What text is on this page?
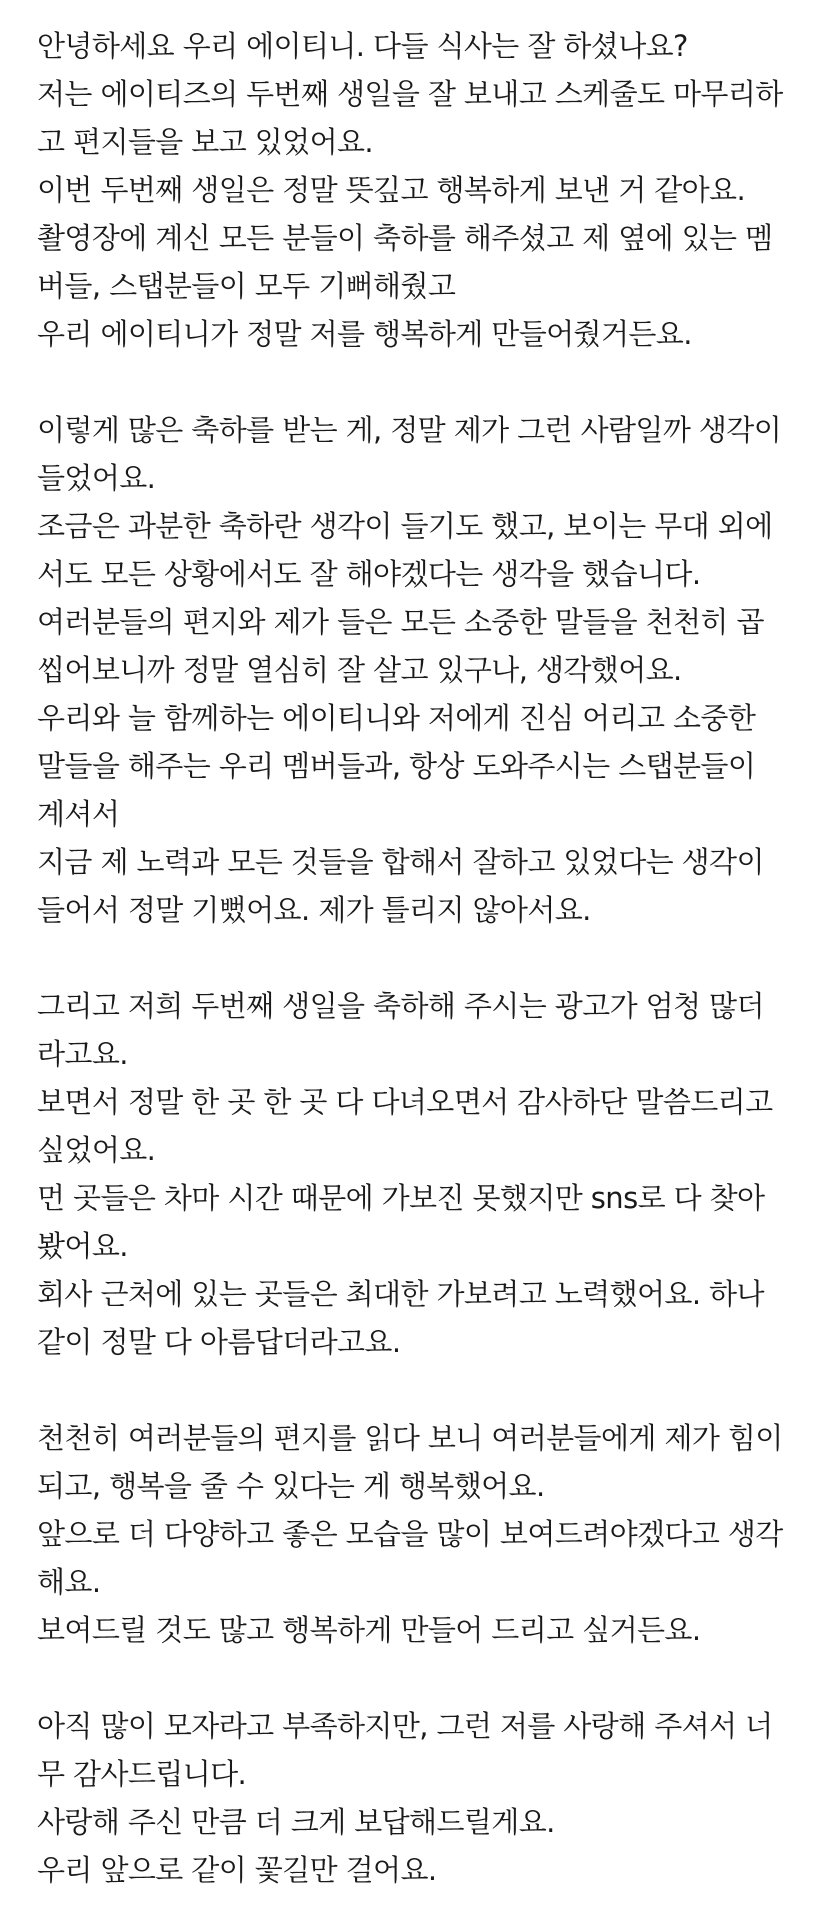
안녕하세요 우리 에이티니. 다들 식사는 잘 하셨나요?
저는 에이티즈의 두번째 생일을 잘 보내고 스케줄도 마무리하
고 편지들을 보고 있었어요.
이번 두번째 생일은 정말 뜻깊고 행복하게 보낸 거 같아요.
촬영장에 계신 모든 분들이 축하를 해주셨고 제 옆에 있는 멤
버들, 스탭분들이 모두 기뻐해줬고
우리 에이티니가 정말 저를 행복하게 만들어줬거든요.
이렇게 많은 축하를 받는 게, 정말 제가 그런 사람일까 생각이
들었어요.
조금은 과분한 축하란 생각이 들기도 했고, 보이는 무대 외에
서도 모든 상황에서도 잘 해야겠다는 생각을 했습니다.
여러분들의 편지와 제가 들은 모든 소중한 말들을 천천히 곱
씹어보니까 정말 열심히 잘 살고 있구나, 생각했어요.
우리와 늘 함께하는 에이티니와 저에게 진심 어리고 소중한
말들을 해주는 우리 멤버들과, 항상 도와주시는 스탭분들이
계셔서
지금 제 노력과 모든 것들을 합해서 잘하고 있었다는 생각이
들어서 정말 기뻤어요. 제가 틀리지 않아서요.
그리고 저희 두번째 생일을 축하해 주시는 광고가 엄청 많더
라고요.
보면서 정말 한 곳 한 곳 다 다녀오면서 감사하단 말씀드리고
싶었어요.
먼 곳들은 차마 시간 때문에 가보진 못했지만 sns로 다 찾아
봤어요.
회사 근처에 있는 곳들은 최대한 가보려고 노력했어요. 하나
같이 정말 다 아름답더라고요.
천천히 여러분들의 편지를 읽다 보니 여러분들에게 제가 힘이
되고, 행복을 줄 수 있다는 게 행복했어요.
앞으로 더 다양하고 좋은 모습을 많이 보여드려야겠다고 생각
해요.
보여드릴 것도 많고 행복하게 만들어 드리고 싶거든요.
아직 많이 모자라고 부족하지만, 그런 저를 사랑해 주셔서 너
무 감사드립니다.
사랑해 주신 만큼 더 크게 보답해드릴게요.
우리 앞으로 같이 꽃길만 걸어요.
